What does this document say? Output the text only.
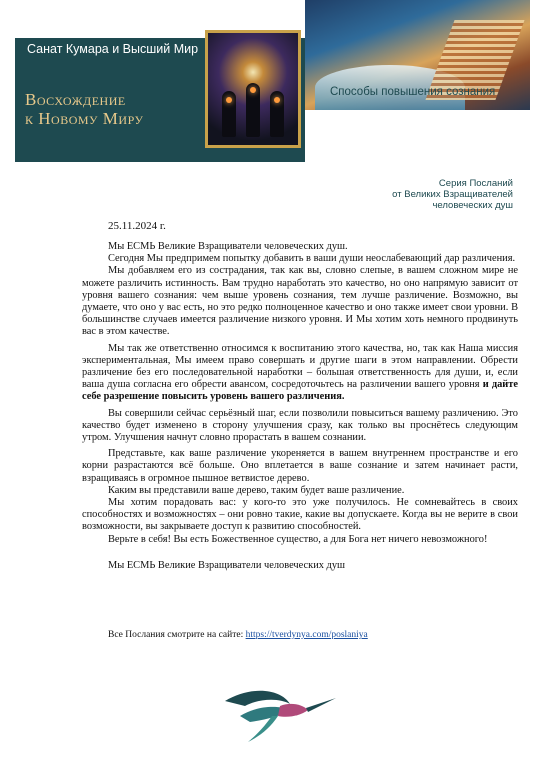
Санат Кумара и Высший Мир
Восхождение
к Новому Миру
Способы повышения сознания
Серия Посланий
от Великих Взращивателей
человеческих душ
25.11.2024 г.

Мы ЕСМЬ Великие Взращиватели человеческих душ.

Сегодня Мы предпримем попытку добавить в ваши души неослабевающий дар различения.

Мы добавляем его из сострадания, так как вы, словно слепые, в вашем сложном мире не можете различить истинность. Вам трудно наработать это качество, но оно напрямую зависит от уровня вашего сознания: чем выше уровень сознания, тем лучше различение. Возможно, вы думаете, что оно у вас есть, но это редко полноценное качество и оно также имеет свои уровни. В большинстве случаев имеется различение низкого уровня. И Мы хотим хоть немного продвинуть вас в этом качестве.

Мы так же ответственно относимся к воспитанию этого качества, но, так как Наша миссия экспериментальная, Мы имеем право совершать и другие шаги в этом направлении. Обрести различение без его последовательной наработки – большая ответственность для души, и, если ваша душа согласна его обрести авансом, сосредоточьтесь на различении вашего уровня и дайте себе разрешение повысить уровень вашего различения.

Вы совершили сейчас серьёзный шаг, если позволили повыситься вашему различению. Это качество будет изменено в сторону улучшения сразу, как только вы проснётесь следующим утром. Улучшения начнут словно прорастать в вашем сознании.

Представьте, как ваше различение укореняется в вашем внутреннем пространстве и его корни разрастаются всё больше. Оно вплетается в ваше сознание и затем начинает расти, взращиваясь в огромное пышное ветвистое дерево.

Каким вы представили ваше дерево, таким будет ваше различение.

Мы хотим порадовать вас: у кого-то это уже получилось. Не сомневайтесь в своих способностях и возможностях – они ровно такие, какие вы допускаете. Когда вы не верите в свои возможности, вы закрываете доступ к развитию способностей.

Верьте в себя! Вы есть Божественное существо, а для Бога нет ничего невозможного!

Мы ЕСМЬ Великие Взращиватели человеческих душ

Все Послания смотрите на сайте: https://tverdynya.com/poslaniya
